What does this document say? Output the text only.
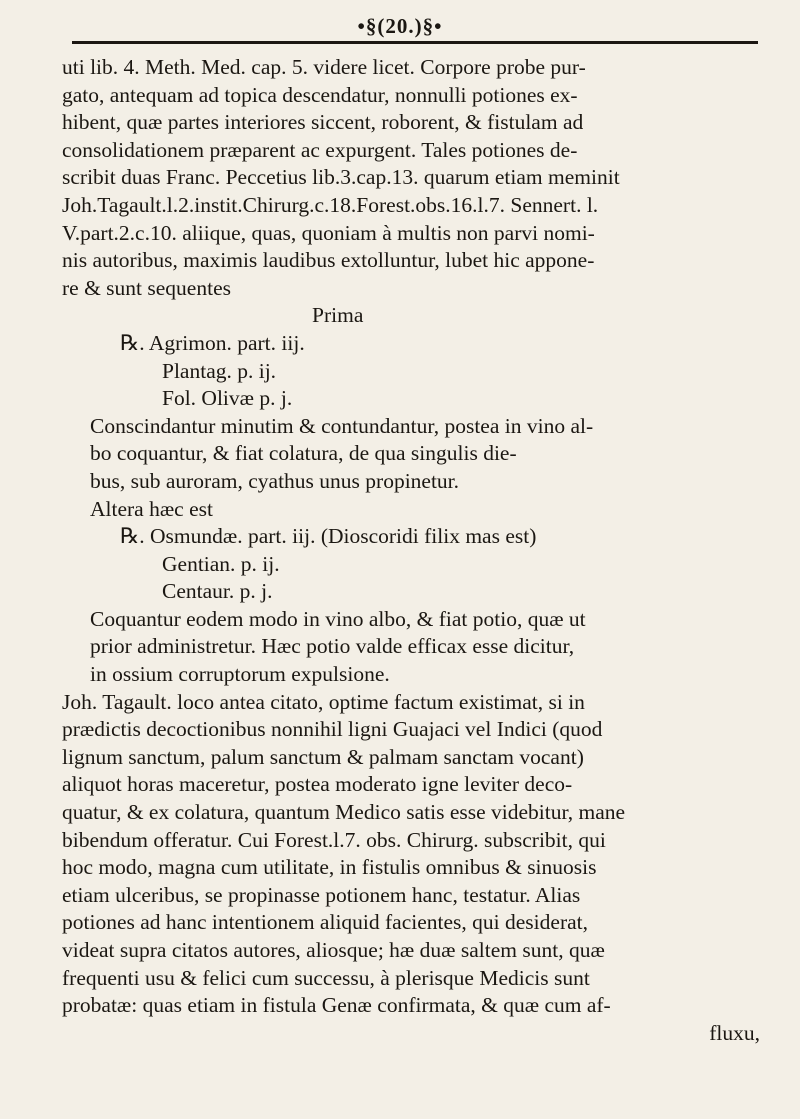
•§(20.)§•
uti lib. 4. Meth. Med. cap. 5. videre licet. Corpore probe pur-
gato, antequam ad topica descendatur, nonnulli potiones ex-
hibent, quæ partes interiores siccent, roborent, & fistulam ad
consolidationem præparent ac expurgent. Tales potiones de-
scribit duas Franc. Peccetius lib.3.cap.13. quarum etiam meminit
Joh.Tagault.l.2.instit.Chirurg.c.18.Forest.obs.16.l.7. Sennert. l.
V.part.2.c.10. aliique, quas, quoniam à multis non parvi nomi-
nis autoribus, maximis laudibus extolluntur, lubet hic appone-
re & sunt sequentes
Prima
℞. Agrimon. part. iij.
Plantag. p. ij.
Fol. Olivæ p. j.
Conscindantur minutim & contundantur, postea in vino al-
bo coquantur, & fiat colatura, de qua singulis die-
bus, sub auroram, cyathus unus propinetur.
Altera hæc est
℞. Osmundæ. part. iij. (Dioscoridi filix mas est)
Gentian. p. ij.
Centaur. p. j.
Coquantur eodem modo in vino albo, & fiat potio, quæ ut
prior administretur. Hæc potio valde efficax esse dicitur,
in ossium corruptorum expulsione.
Joh. Tagault. loco antea citato, optime factum existimat, si in
prædictis decoctionibus nonnihil ligni Guajaci vel Indici (quod
lignum sanctum, palum sanctum & palmam sanctam vocant)
aliquot horas maceretur, postea moderato igne leviter deco-
quatur, & ex colatura, quantum Medico satis esse videbitur, mane
bibendum offeratur. Cui Forest.l.7. obs. Chirurg. subscribit, qui
hoc modo, magna cum utilitate, in fistulis omnibus & sinuosis
etiam ulceribus, se propinasse potionem hanc, testatur. Alias
potiones ad hanc intentionem aliquid facientes, qui desiderat,
videat supra citatos autores, aliosque; hæ duæ saltem sunt, quæ
frequenti usu & felici cum successu, à plerisque Medicis sunt
probatæ: quas etiam in fistula Genæ confirmata, & quæ cum af-
fluxu,
